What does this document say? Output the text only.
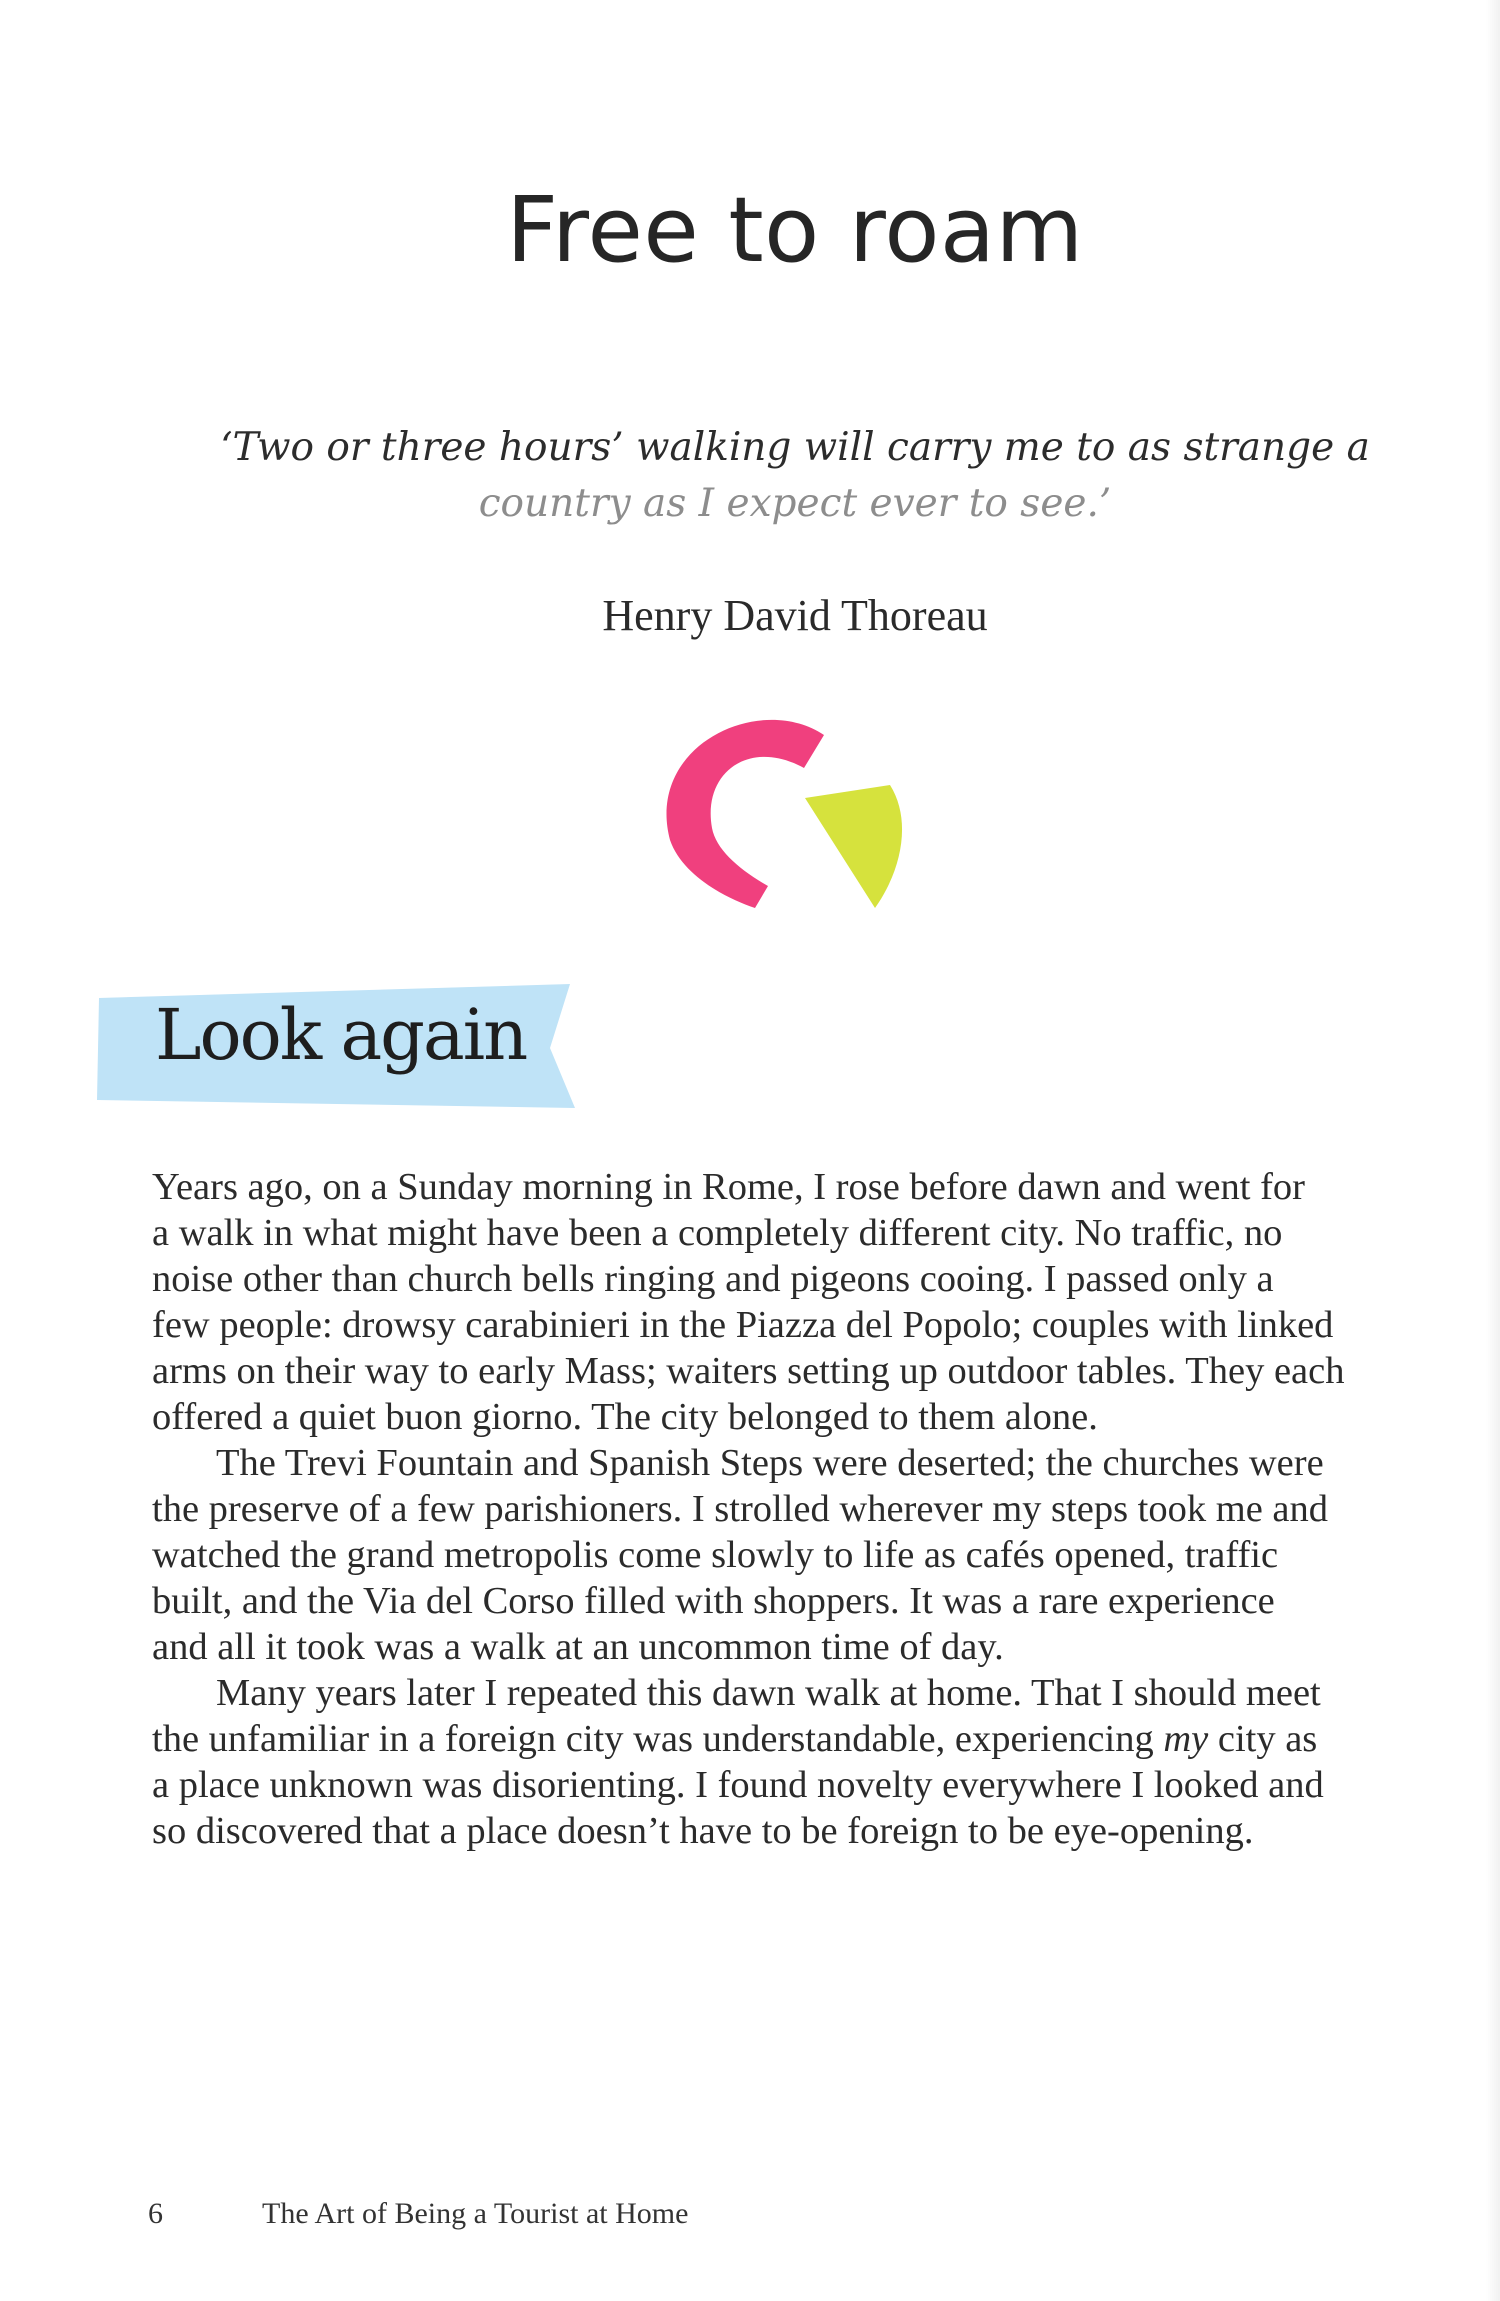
Free to roam

‘Two or three hours’ walking will carry me to as strange a
country as I expect ever to see.’

Henry David Thoreau

Look again

Years ago, on a Sunday morning in Rome, I rose before dawn and went for
a walk in what might have been a completely different city. No traffic, no
noise other than church bells ringing and pigeons cooing. I passed only a
few people: drowsy carabinieri in the Piazza del Popolo; couples with linked
arms on their way to early Mass; waiters setting up outdoor tables. They each
offered a quiet buon giorno. The city belonged to them alone.

The Trevi Fountain and Spanish Steps were deserted; the churches were
the preserve of a few parishioners. I strolled wherever my steps took me and
watched the grand metropolis come slowly to life as cafés opened, traffic
built, and the Via del Corso filled with shoppers. It was a rare experience
and all it took was a walk at an uncommon time of day.

Many years later I repeated this dawn walk at home. That I should meet
the unfamiliar in a foreign city was understandable, experiencing my city as
a place unknown was disorienting. I found novelty everywhere I looked and
so discovered that a place doesn’t have to be foreign to be eye-opening.

6	The Art of Being a Tourist at Home
